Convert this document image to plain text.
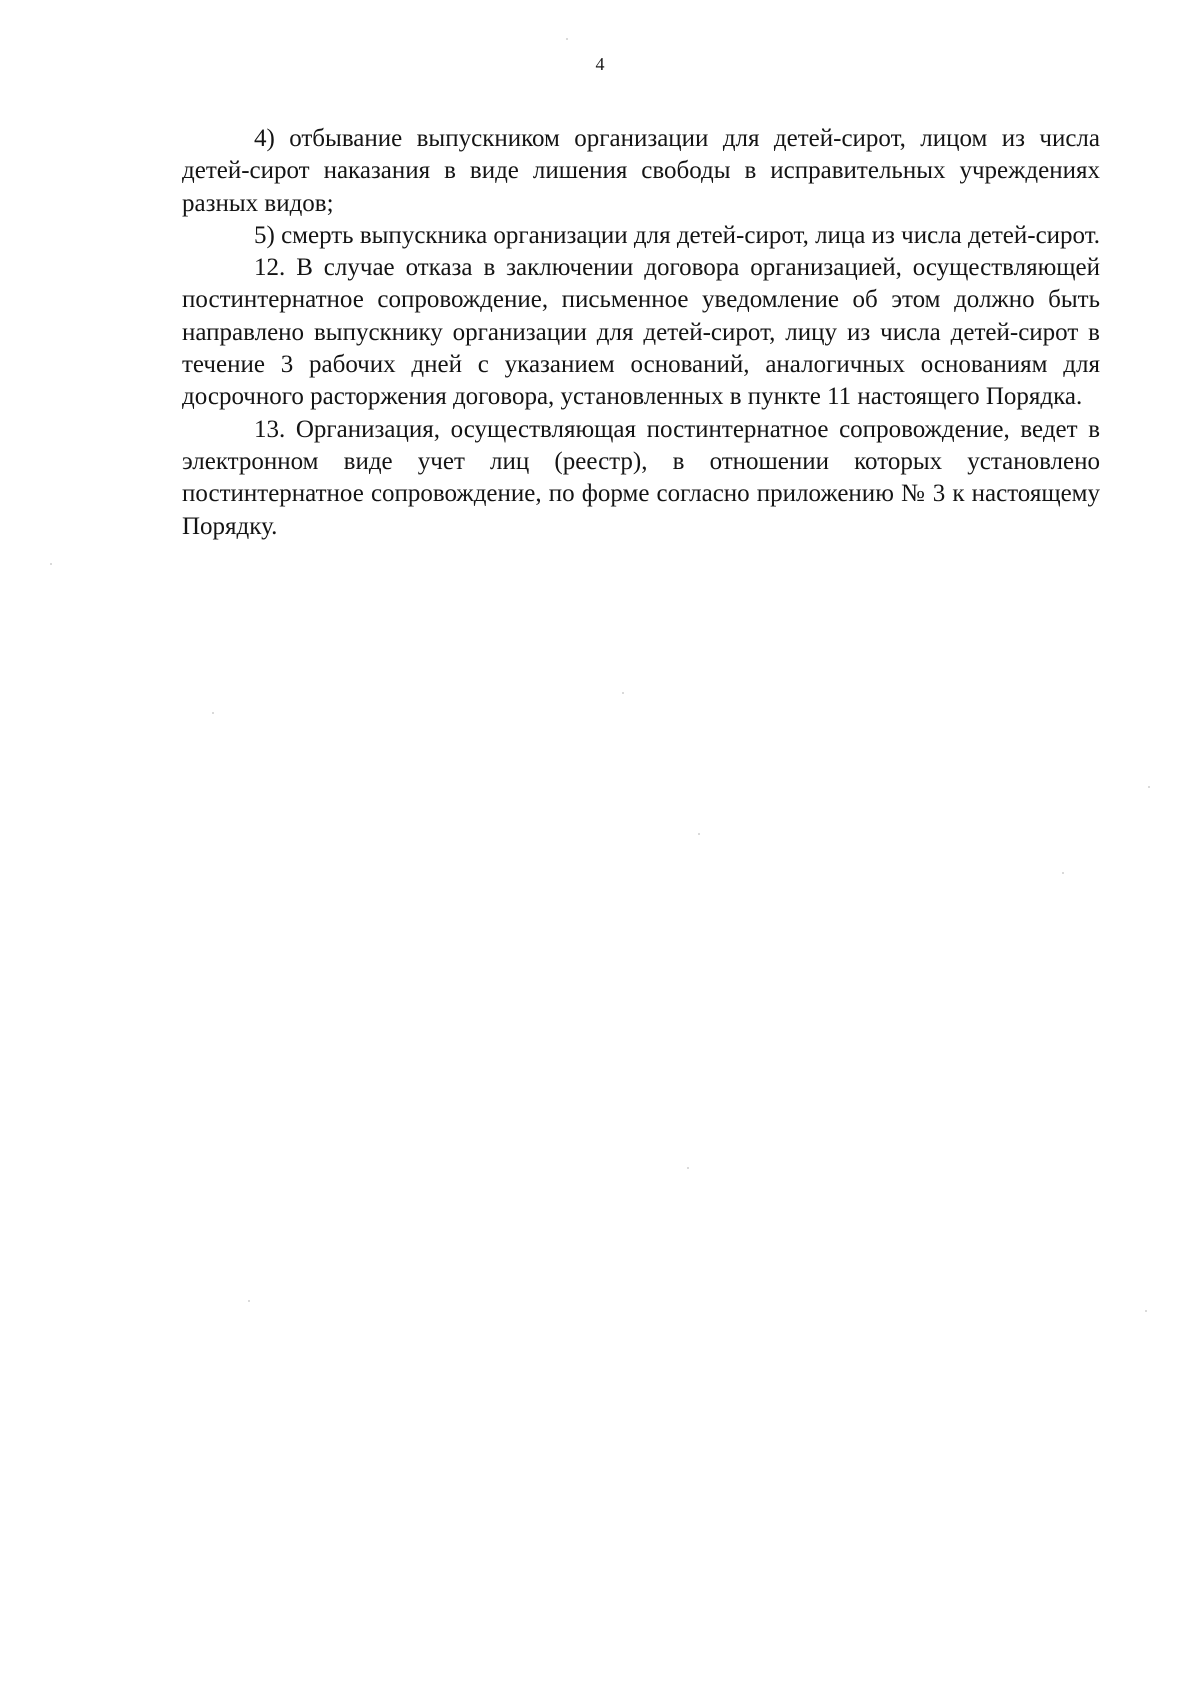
4

4) отбывание выпускником организации для детей-сирот, лицом из числа детей-сирот наказания в виде лишения свободы в исправительных учреждениях разных видов;

5) смерть выпускника организации для детей-сирот, лица из числа детей-сирот.

12. В случае отказа в заключении договора организацией, осуществляющей постинтернатное сопровождение, письменное уведомление об этом должно быть направлено выпускнику организации для детей-сирот, лицу из числа детей-сирот в течение 3 рабочих дней с указанием оснований, аналогичных основаниям для досрочного расторжения договора, установленных в пункте 11 настоящего Порядка.

13. Организация, осуществляющая постинтернатное сопровождение, ведет в электронном виде учет лиц (реестр), в отношении которых установлено постинтернатное сопровождение, по форме согласно приложению № 3 к настоящему Порядку.
